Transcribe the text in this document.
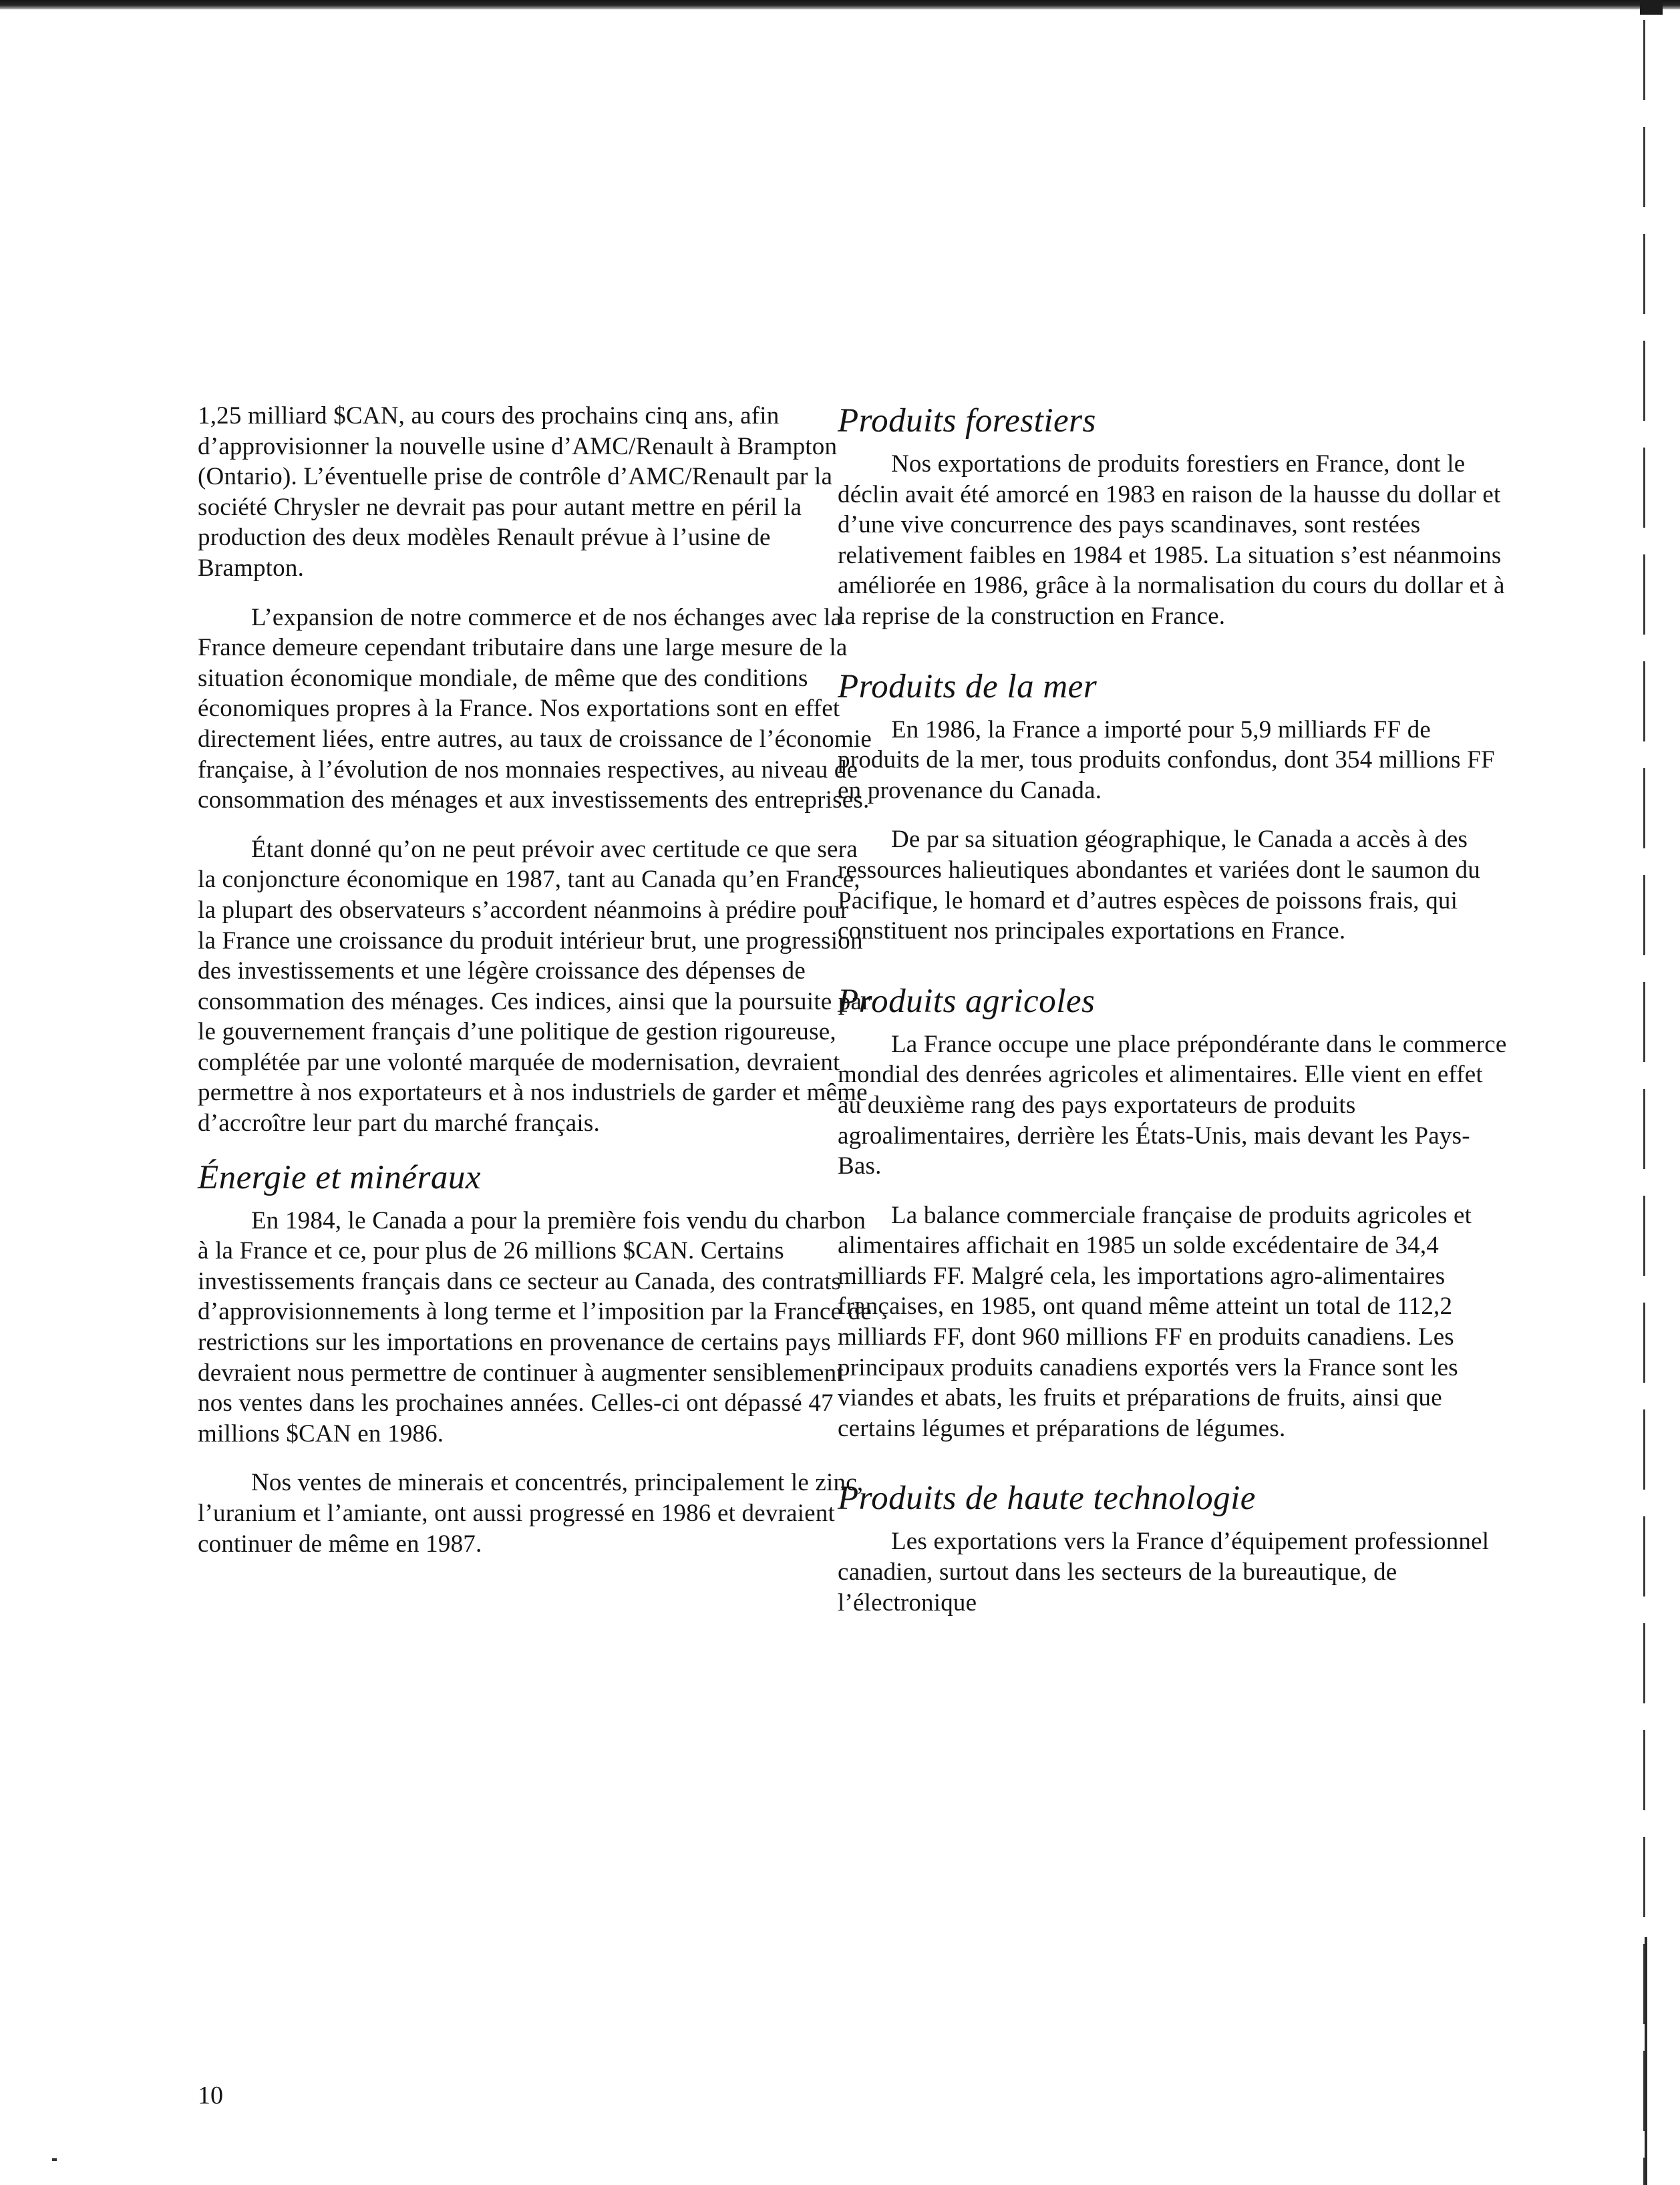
1,25 milliard $CAN, au cours des prochains cinq ans, afin d’approvisionner la nouvelle usine d’AMC/Renault à Brampton (Ontario). L’éventuelle prise de contrôle d’AMC/Renault par la société Chrysler ne devrait pas pour autant mettre en péril la production des deux modèles Renault prévue à l’usine de Brampton.

L’expansion de notre commerce et de nos échanges avec la France demeure cependant tributaire dans une large mesure de la situation économique mondiale, de même que des conditions économiques propres à la France. Nos exportations sont en effet directement liées, entre autres, au taux de croissance de l’économie française, à l’évolution de nos monnaies respectives, au niveau de consommation des ménages et aux investissements des entreprises.

Étant donné qu’on ne peut prévoir avec certitude ce que sera la conjoncture économique en 1987, tant au Canada qu’en France, la plupart des observateurs s’accordent néanmoins à prédire pour la France une croissance du produit intérieur brut, une progression des investissements et une légère croissance des dépenses de consommation des ménages. Ces indices, ainsi que la poursuite par le gouvernement français d’une politique de gestion rigoureuse, complétée par une volonté marquée de modernisation, devraient permettre à nos exportateurs et à nos industriels de garder et même d’accroître leur part du marché français.

Énergie et minéraux

En 1984, le Canada a pour la première fois vendu du charbon à la France et ce, pour plus de 26 millions $CAN. Certains investissements français dans ce secteur au Canada, des contrats d’approvisionnements à long terme et l’imposition par la France de restrictions sur les importations en provenance de certains pays devraient nous permettre de continuer à augmenter sensiblement nos ventes dans les prochaines années. Celles-ci ont dépassé 47 millions $CAN en 1986.

Nos ventes de minerais et concentrés, principalement le zinc, l’uranium et l’amiante, ont aussi progressé en 1986 et devraient continuer de même en 1987.

Produits forestiers

Nos exportations de produits forestiers en France, dont le déclin avait été amorcé en 1983 en raison de la hausse du dollar et d’une vive concurrence des pays scandinaves, sont restées relativement faibles en 1984 et 1985. La situation s’est néanmoins améliorée en 1986, grâce à la normalisation du cours du dollar et à la reprise de la construction en France.

Produits de la mer

En 1986, la France a importé pour 5,9 milliards FF de produits de la mer, tous produits confondus, dont 354 millions FF en provenance du Canada.

De par sa situation géographique, le Canada a accès à des ressources halieutiques abondantes et variées dont le saumon du Pacifique, le homard et d’autres espèces de poissons frais, qui constituent nos principales exportations en France.

Produits agricoles

La France occupe une place prépondérante dans le commerce mondial des denrées agricoles et alimentaires. Elle vient en effet au deuxième rang des pays exportateurs de produits agroalimentaires, derrière les États-Unis, mais devant les Pays-Bas.

La balance commerciale française de produits agricoles et alimentaires affichait en 1985 un solde excédentaire de 34,4 milliards FF. Malgré cela, les importations agro-alimentaires françaises, en 1985, ont quand même atteint un total de 112,2 milliards FF, dont 960 millions FF en produits canadiens. Les principaux produits canadiens exportés vers la France sont les viandes et abats, les fruits et préparations de fruits, ainsi que certains légumes et préparations de légumes.

Produits de haute technologie

Les exportations vers la France d’équipement professionnel canadien, surtout dans les secteurs de la bureautique, de l’électronique

10
